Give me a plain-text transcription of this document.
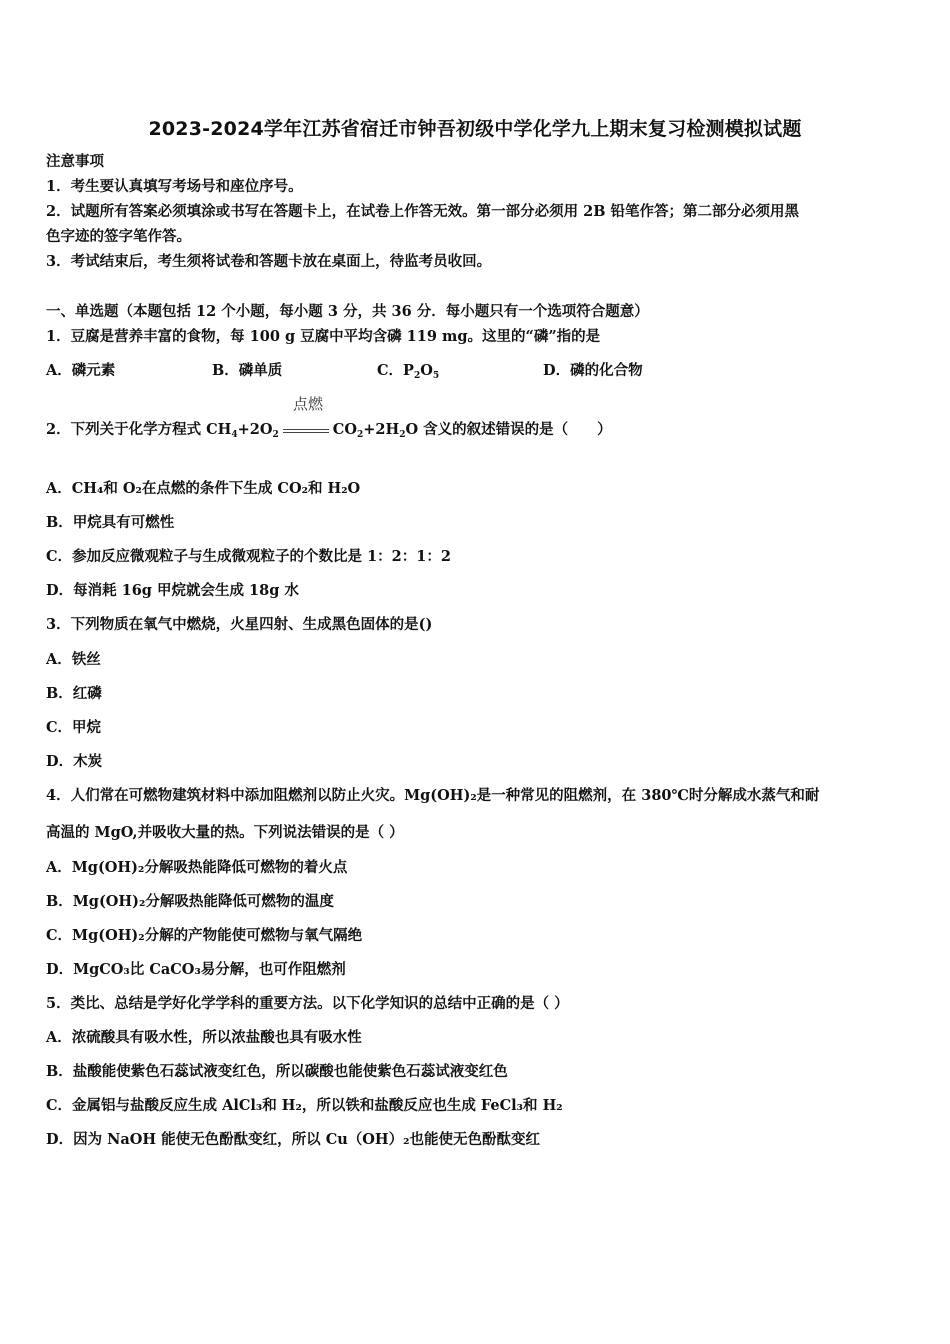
2023-2024学年江苏省宿迁市钟吾初级中学化学九上期末复习检测模拟试题
注意事项
1．考生要认真填写考场号和座位序号。
2．试题所有答案必须填涂或书写在答题卡上，在试卷上作答无效。第一部分必须用 2B 铅笔作答；第二部分必须用黑
色字迹的签字笔作答。
3．考试结束后，考生须将试卷和答题卡放在桌面上，待监考员收回。
一、单选题（本题包括 12 个小题，每小题 3 分，共 36 分．每小题只有一个选项符合题意）
1．豆腐是营养丰富的食物，每 100 g 豆腐中平均含磷 119 mg。这里的“磷”指的是
A．磷元素	B．磷单质	C．$P_2O_5$	D．磷的化合物
点燃
2．下列关于化学方程式 $CH_4+2O_2$	$CO_2+2H_2O$ 含义的叙述错误的是（　　）
A．CH₄和 O₂在点燃的条件下生成 CO₂和 H₂O
B．甲烷具有可燃性
C．参加反应微观粒子与生成微观粒子的个数比是 1：2：1：2
D．每消耗 16g 甲烷就会生成 18g 水
3．下列物质在氧气中燃烧，火星四射、生成黑色固体的是()
A．铁丝
B．红磷
C．甲烷
D．木炭
4．人们常在可燃物建筑材料中添加阻燃剂以防止火灾。Mg(OH)₂是一种常见的阻燃剂，在 380℃时分解成水蒸气和耐
高温的 MgO,并吸收大量的热。下列说法错误的是（ ）
A．Mg(OH)₂分解吸热能降低可燃物的着火点
B．Mg(OH)₂分解吸热能降低可燃物的温度
C．Mg(OH)₂分解的产物能使可燃物与氧气隔绝
D．MgCO₃比 CaCO₃易分解，也可作阻燃剂
5．类比、总结是学好化学学科的重要方法。以下化学知识的总结中正确的是（ ）
A．浓硫酸具有吸水性，所以浓盐酸也具有吸水性
B．盐酸能使紫色石蕊试液变红色，所以碳酸也能使紫色石蕊试液变红色
C．金属铝与盐酸反应生成 AlCl₃和 H₂，所以铁和盐酸反应也生成 FeCl₃和 H₂
D．因为 NaOH 能使无色酚酞变红，所以 Cu（OH）₂也能使无色酚酞变红
